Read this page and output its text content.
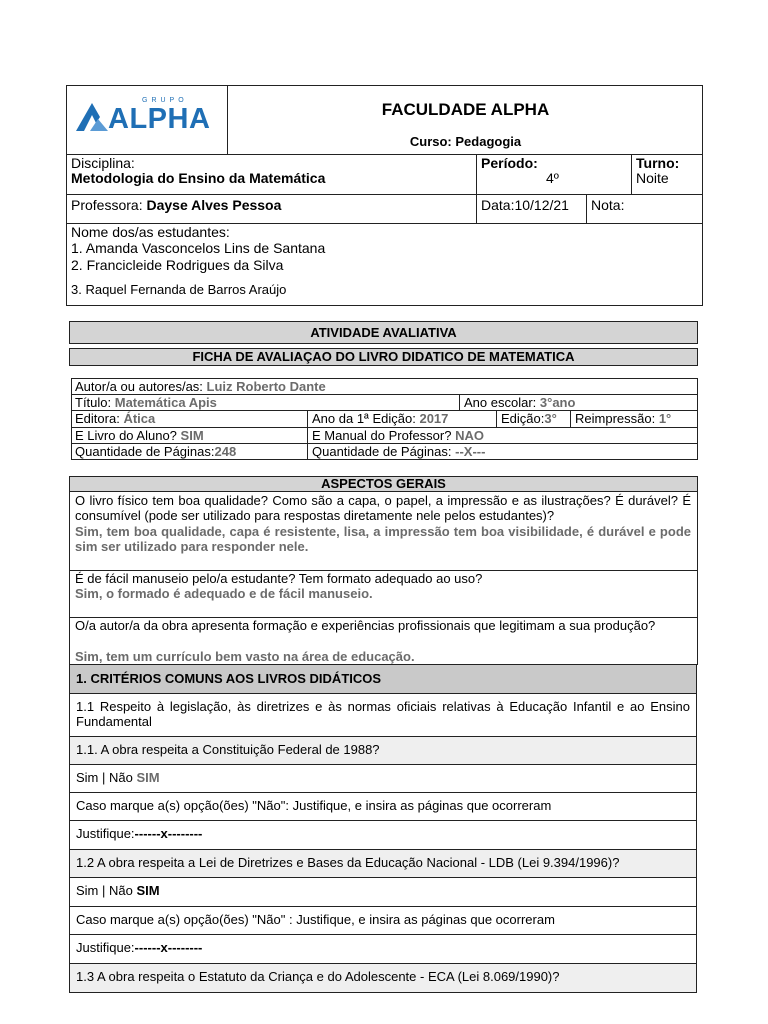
GRUPO
ALPHA	FACULDADE ALPHA
Curso: Pedagogia
Disciplina:
Metodologia do Ensino da Matemática
Período:
4º
Turno:
Noite
Professora: Dayse Alves Pessoa	Data:10/12/21 Nota:
Nome dos/as estudantes:
1. Amanda Vasconcelos Lins de Santana
2. Francicleide Rodrigues da Silva
3. Raquel Fernanda de Barros Araújo
ATIVIDADE AVALIATIVA
FICHA DE AVALIAÇAO DO LIVRO DIDATICO DE MATEMATICA
Autor/a ou autores/as: Luiz Roberto Dante
Título: Matemática Apis	Ano escolar: 3°ano
Editora: Ática	Ano da 1ª Edição: 2017	Edição:3° Reimpressão: 1°
E Livro do Aluno? SIM	E Manual do Professor? NAO
Quantidade de Páginas:248	Quantidade de Páginas: --X---
ASPECTOS GERAIS
O livro físico tem boa qualidade? Como são a capa, o papel, a impressão e as ilustrações? É durável? É consumível (pode ser utilizado para respostas diretamente nele pelos estudantes)?
Sim, tem boa qualidade, capa é resistente, lisa, a impressão tem boa visibilidade, é durável e pode sim ser utilizado para responder nele.
É de fácil manuseio pelo/a estudante? Tem formato adequado ao uso?
Sim, o formado é adequado e de fácil manuseio.
O/a autor/a da obra apresenta formação e experiências profissionais que legitimam a sua produção?
Sim, tem um currículo bem vasto na área de educação.
1. CRITÉRIOS COMUNS AOS LIVROS DIDÁTICOS
1.1 Respeito à legislação, às diretrizes e às normas oficiais relativas à Educação Infantil e ao Ensino Fundamental
1.1. A obra respeita a Constituição Federal de 1988?
Sim | Não SIM
Caso marque a(s) opção(ões) "Não": Justifique, e insira as páginas que ocorreram
Justifique:------x--------
1.2 A obra respeita a Lei de Diretrizes e Bases da Educação Nacional - LDB (Lei 9.394/1996)?
Sim | Não SIM
Caso marque a(s) opção(ões) "Não" : Justifique, e insira as páginas que ocorreram
Justifique:------x--------
1.3 A obra respeita o Estatuto da Criança e do Adolescente - ECA (Lei 8.069/1990)?
